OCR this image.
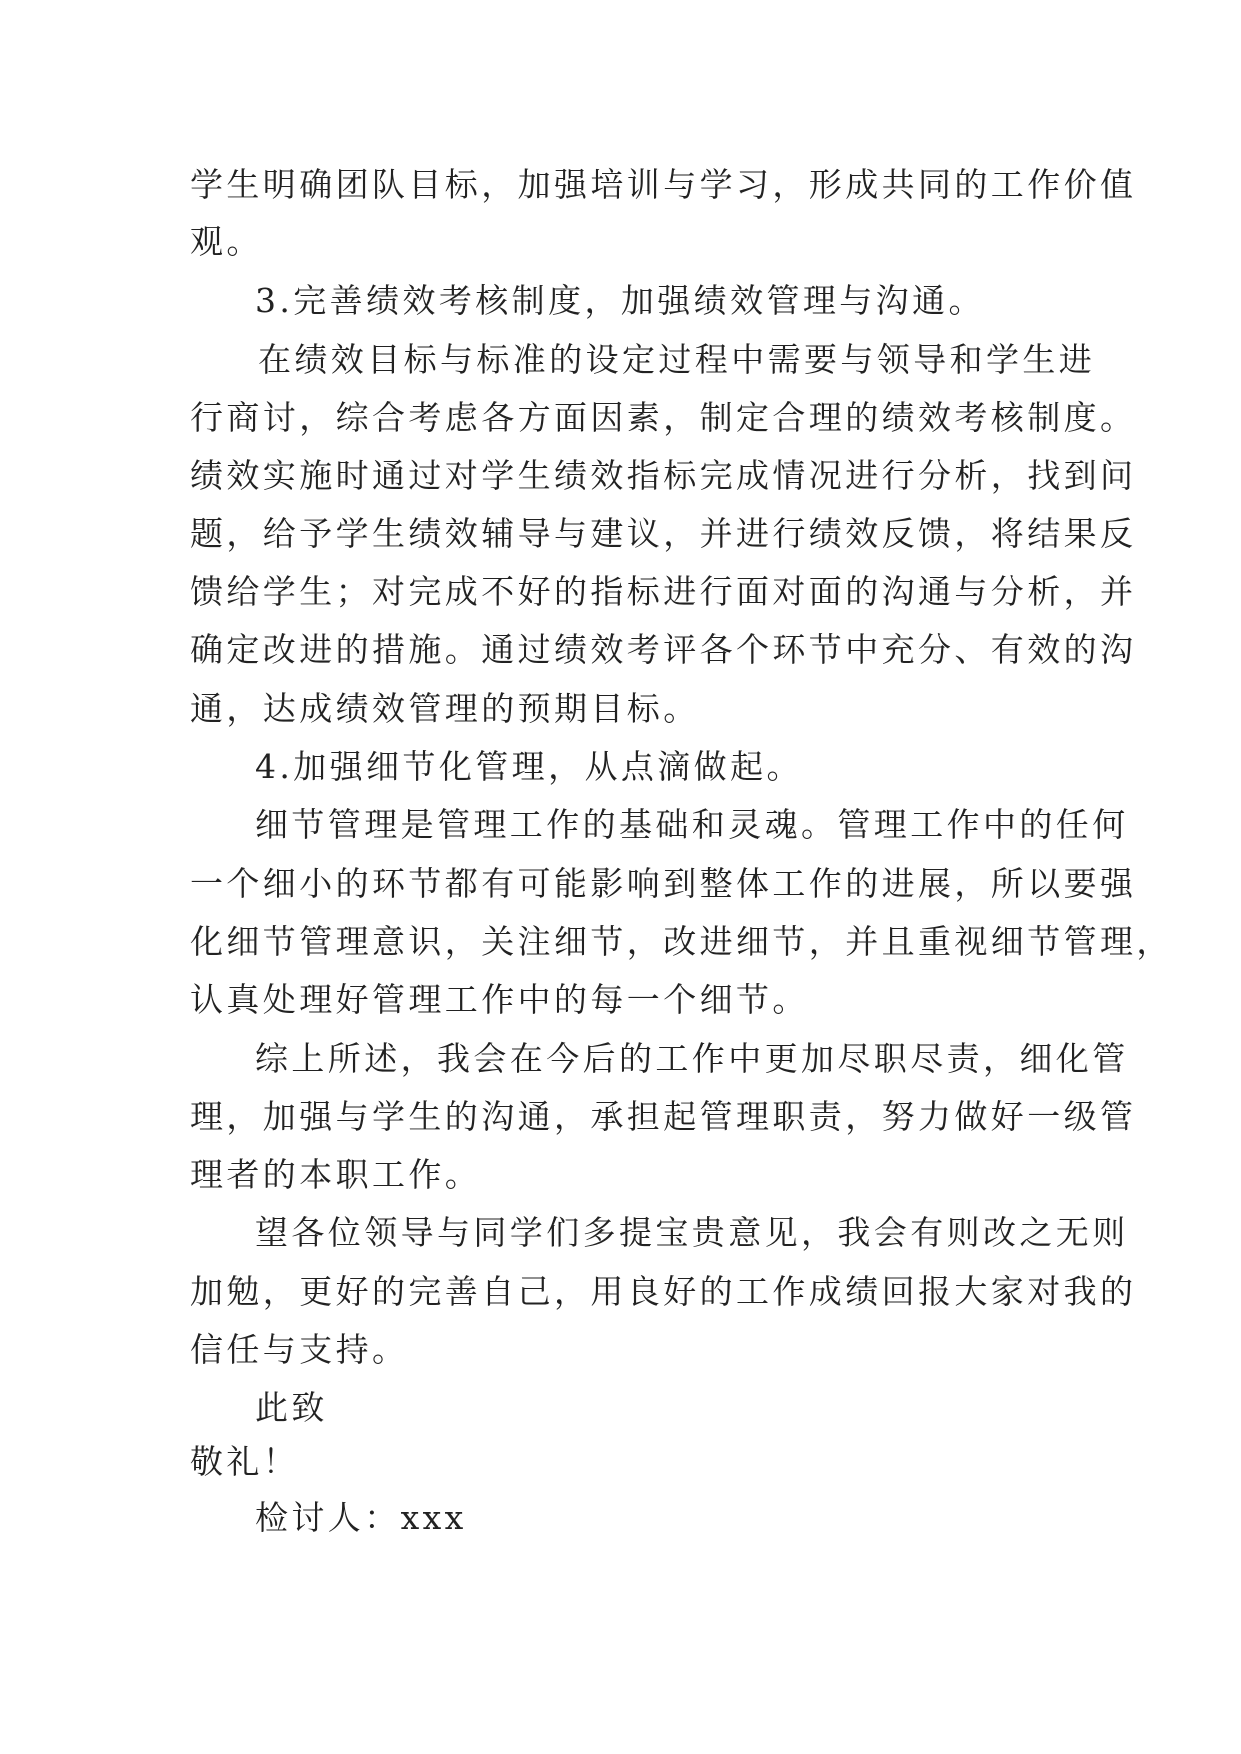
学生明确团队目标，加强培训与学习，形成共同的工作价值
观。
3.完善绩效考核制度，加强绩效管理与沟通。
在绩效目标与标准的设定过程中需要与领导和学生进
行商讨，综合考虑各方面因素，制定合理的绩效考核制度。
绩效实施时通过对学生绩效指标完成情况进行分析，找到问
题，给予学生绩效辅导与建议，并进行绩效反馈，将结果反
馈给学生；对完成不好的指标进行面对面的沟通与分析，并
确定改进的措施。通过绩效考评各个环节中充分、有效的沟
通，达成绩效管理的预期目标。
4.加强细节化管理，从点滴做起。
细节管理是管理工作的基础和灵魂。管理工作中的任何
一个细小的环节都有可能影响到整体工作的进展，所以要强
化细节管理意识，关注细节，改进细节，并且重视细节管理，
认真处理好管理工作中的每一个细节。
综上所述，我会在今后的工作中更加尽职尽责，细化管
理，加强与学生的沟通，承担起管理职责，努力做好一级管
理者的本职工作。
望各位领导与同学们多提宝贵意见，我会有则改之无则
加勉，更好的完善自己，用良好的工作成绩回报大家对我的
信任与支持。
此致
敬礼！
检讨人：xxx
